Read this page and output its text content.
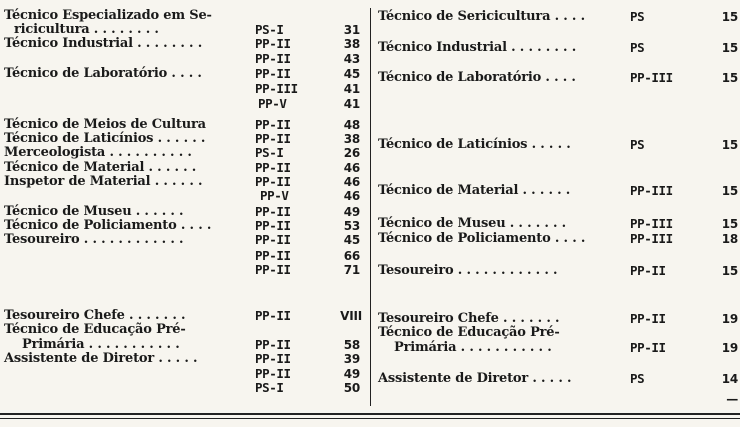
Técnico Especializado em Se-
ricicultura . . . . . . . .	PS-I	31
Técnico Industrial . . . . . . . .	PP-II	38
PP-II	43
Técnico de Laboratório . . . .	PP-II	45
PP-III	41
PP-V	41
Técnico de Meios de Cultura	PP-II	48
Técnico de Laticínios . . . . . .	PP-II	38
Merceologista . . . . . . . . . .	PS-I	26
Técnico de Material . . . . . .	PP-II	46
Inspetor de Material . . . . . .	PP-II	46
PP-V	46
Técnico de Museu . . . . . .	PP-II	49
Técnico de Policiamento . . . .	PP-II	53
Tesoureiro . . . . . . . . . . . .	PP-II	45
PP-II	66
PP-II	71
Tesoureiro Chefe . . . . . . .	PP-II	VIII
Técnico de Educação Pré-
Primária . . . . . . . . . . .	PP-II	58
Assistente de Diretor . . . . .	PP-II	39
PP-II	49
PS-I	50
Técnico de Sericicultura . . . .	PS	15
Técnico Industrial . . . . . . . .	PS	15
Técnico de Laboratório . . . .	PP-III	15
Técnico de Laticínios . . . . .	PS	15
Técnico de Material . . . . . .	PP-III	15
Técnico de Museu . . . . . . .	PP-III	15
Técnico de Policiamento . . . .	PP-III	18
Tesoureiro . . . . . . . . . . . .	PP-II	15
Tesoureiro Chefe . . . . . . .	PP-II	19
Técnico de Educação Pré-
Primária . . . . . . . . . . .	PP-II	19
Assistente de Diretor . . . . .	PS	14
—
